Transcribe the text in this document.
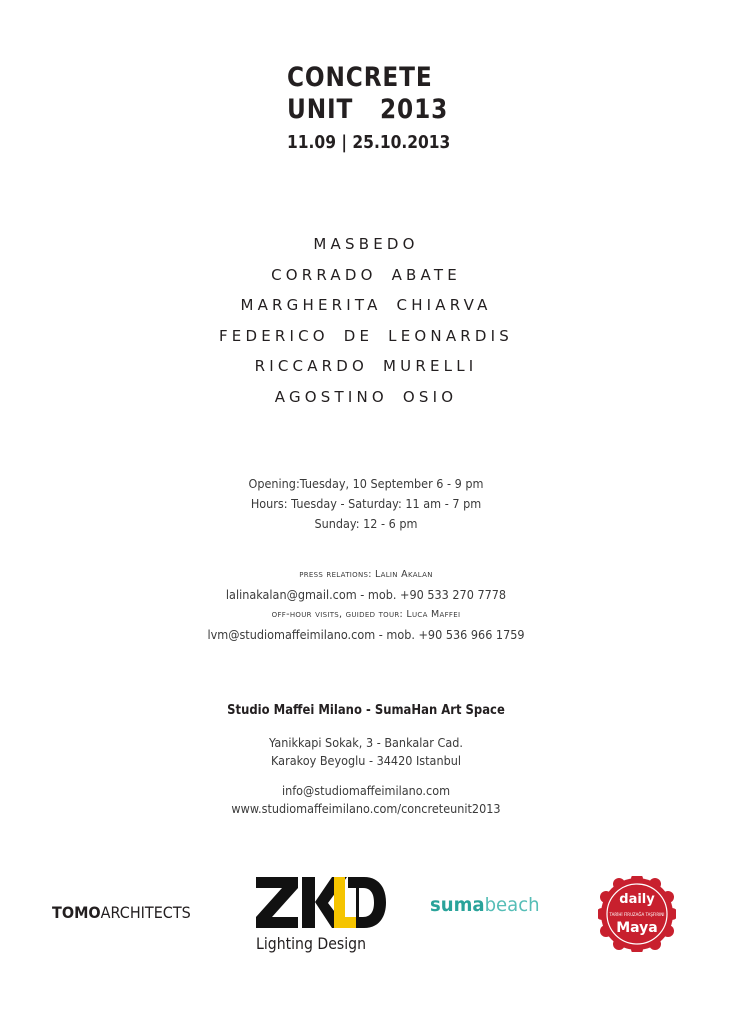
CONCRETE
UNIT   2013
11.09 | 25.10.2013
MASBEDO
CORRADO ABATE
MARGHERITA CHIARVA
FEDERICO DE LEONARDIS
RICCARDO MURELLI
AGOSTINO OSIO
Opening:Tuesday, 10 September 6 - 9 pm
Hours: Tuesday - Saturday: 11 am - 7 pm
Sunday: 12 - 6 pm
press relations: Lalin Akalan
lalinakalan@gmail.com - mob. +90 533 270 7778
off-hour visits, guided tour: Luca Maffei
lvm@studiomaffeimilano.com - mob. +90 536 966 1759
Studio Maffei Milano - SumaHan Art Space
Yanikkapi Sokak, 3 - Bankalar Cad.
Karakoy Beyoglu - 34420 Istanbul
info@studiomaffeimilano.com
www.studiomaffeimilano.com/concreteunit2013
TOMOARCHITECTS
Lighting Design
sumabeach	daily
TARİHİ FİRUZAĞA TAŞFIRINI
Maya
